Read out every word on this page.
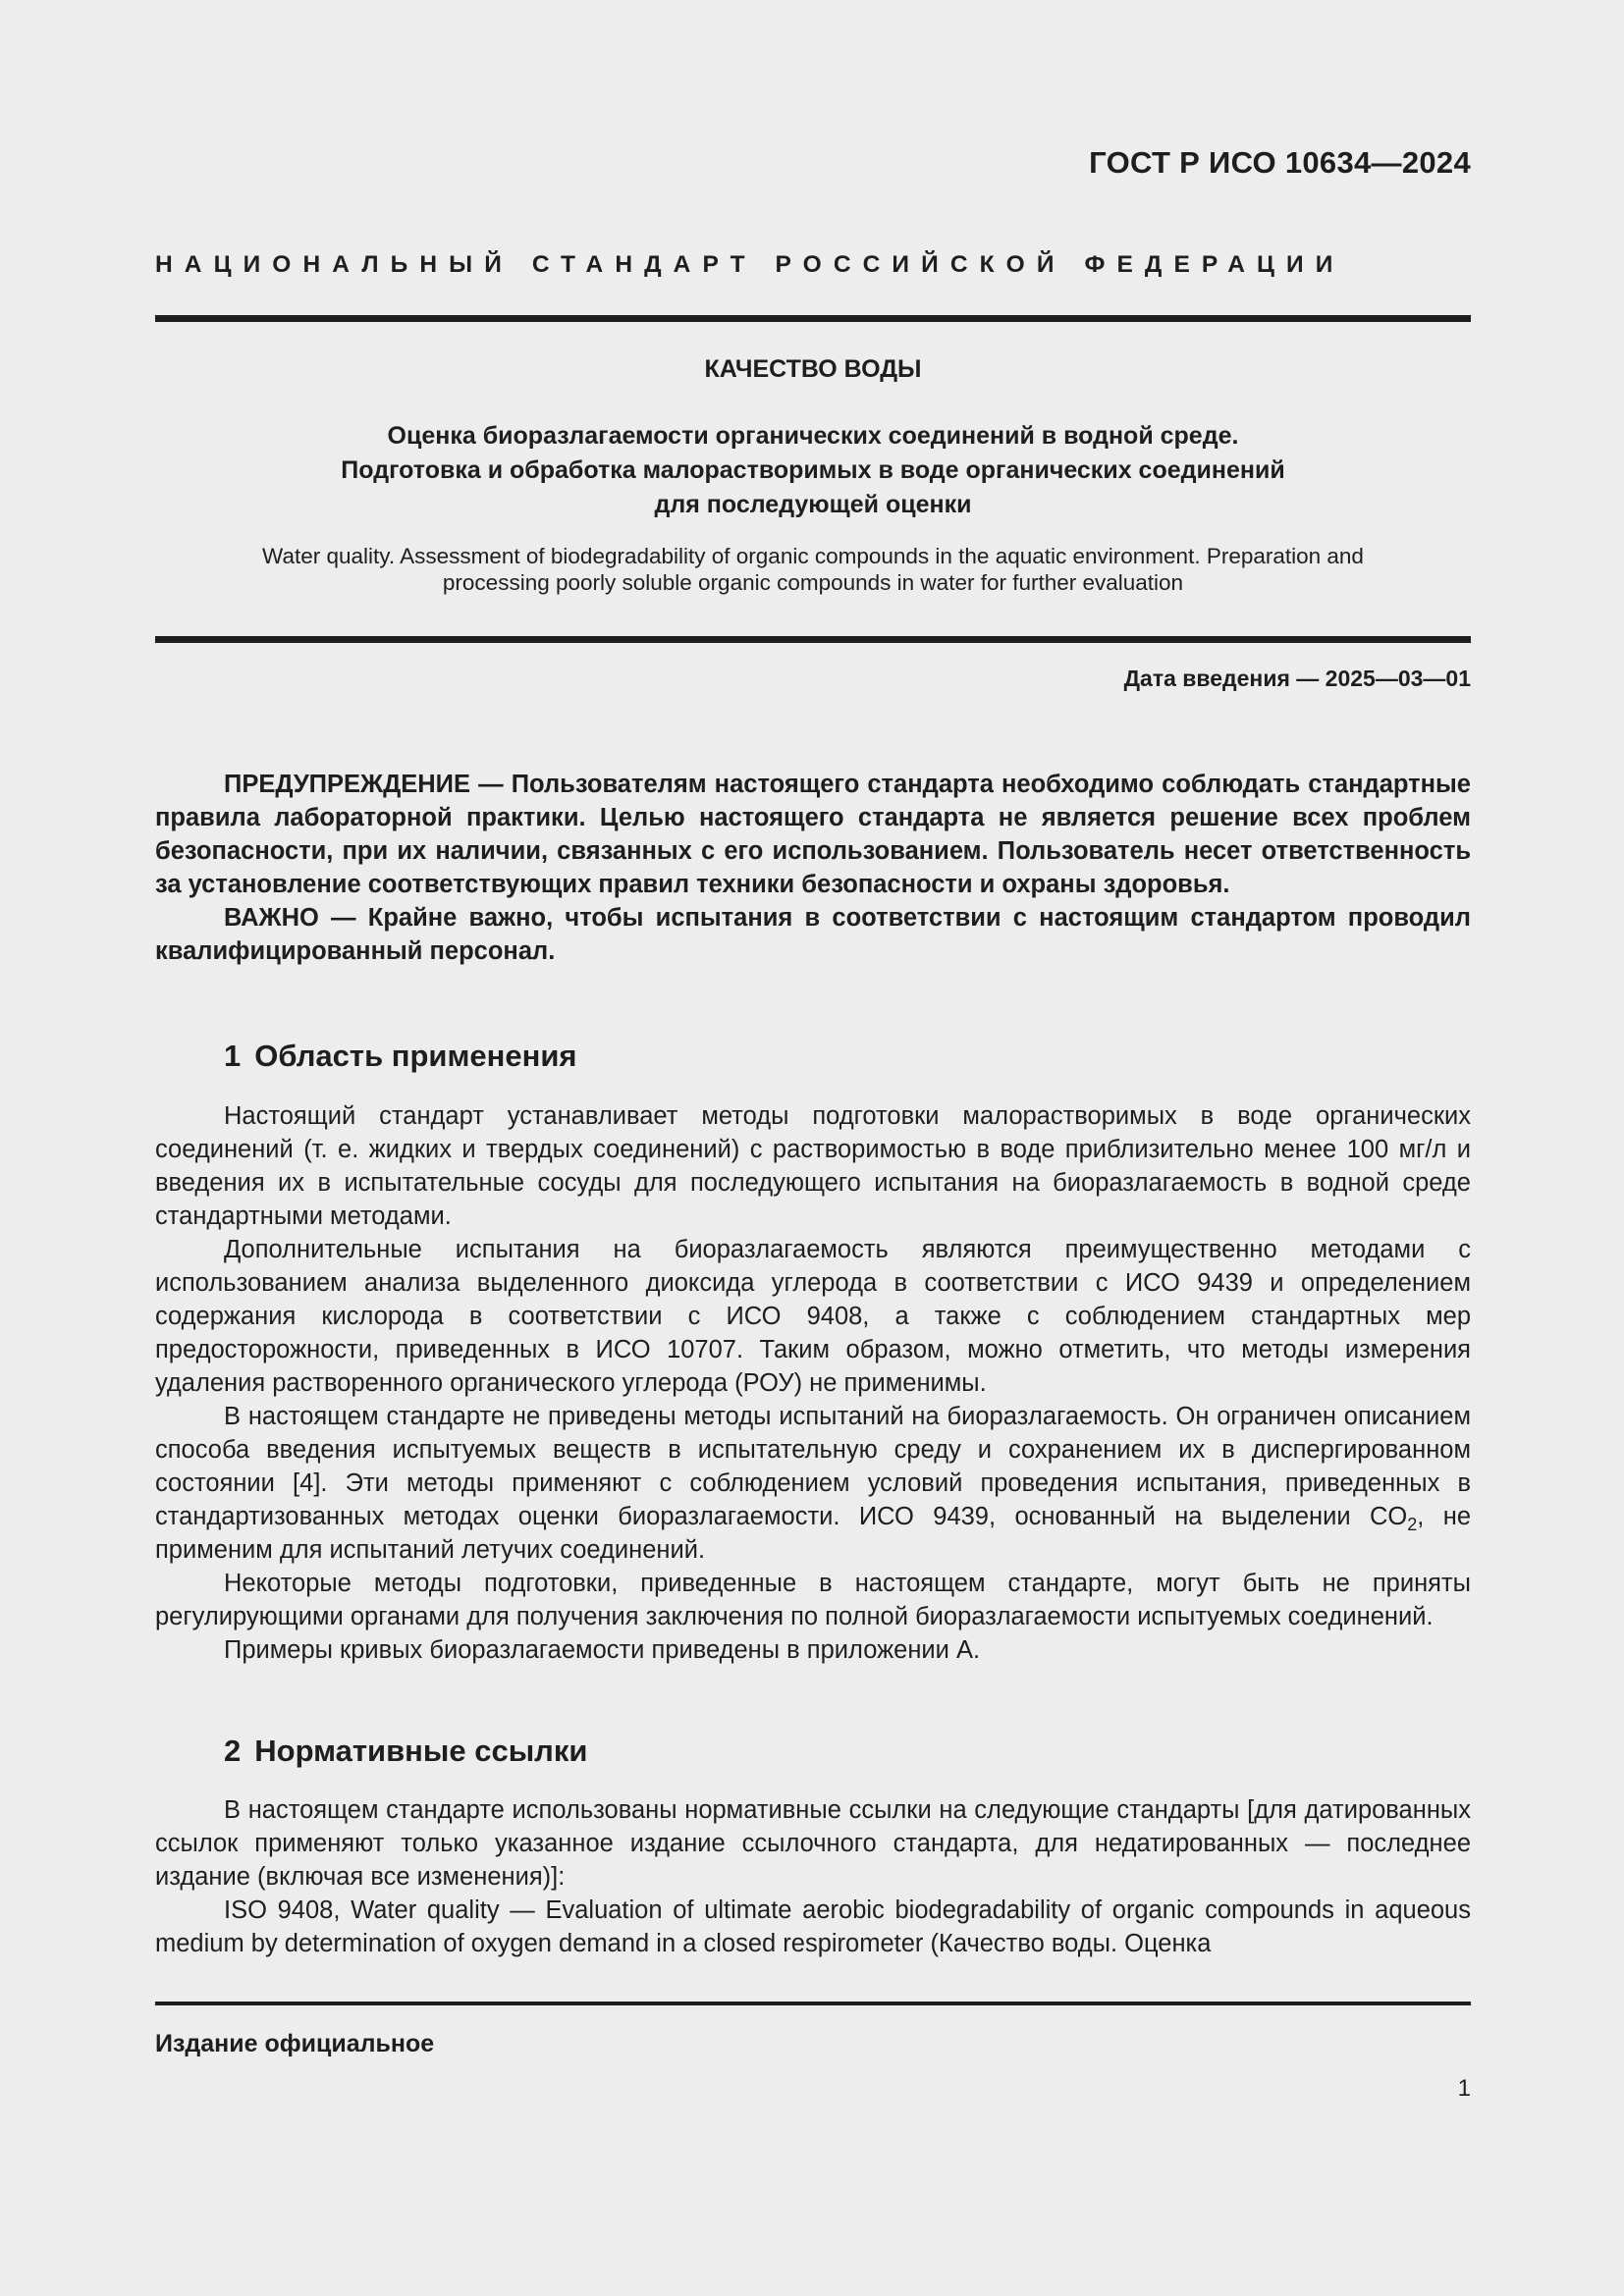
ГОСТ Р ИСО 10634—2024
НАЦИОНАЛЬНЫЙ СТАНДАРТ РОССИЙСКОЙ ФЕДЕРАЦИИ
КАЧЕСТВО ВОДЫ
Оценка биоразлагаемости органических соединений в водной среде.
Подготовка и обработка малорастворимых в воде органических соединений
для последующей оценки
Water quality. Assessment of biodegradability of organic compounds in the aquatic environment. Preparation and
processing poorly soluble organic compounds in water for further evaluation
Дата введения — 2025—03—01

ПРЕДУПРЕЖДЕНИЕ — Пользователям настоящего стандарта необходимо соблюдать стандартные правила лабораторной практики. Целью настоящего стандарта не является решение всех проблем безопасности, при их наличии, связанных с его использованием. Пользователь несет ответственность за установление соответствующих правил техники безопасности и охраны здоровья.

ВАЖНО — Крайне важно, чтобы испытания в соответствии с настоящим стандартом проводил квалифицированный персонал.

1 Область применения

Настоящий стандарт устанавливает методы подготовки малорастворимых в воде органических соединений (т. е. жидких и твердых соединений) с растворимостью в воде приблизительно менее 100 мг/л и введения их в испытательные сосуды для последующего испытания на биоразлагаемость в водной среде стандартными методами.

Дополнительные испытания на биоразлагаемость являются преимущественно методами с использованием анализа выделенного диоксида углерода в соответствии с ИСО 9439 и определением содержания кислорода в соответствии с ИСО 9408, а также с соблюдением стандартных мер предосторожности, приведенных в ИСО 10707. Таким образом, можно отметить, что методы измерения удаления растворенного органического углерода (РОУ) не применимы.

В настоящем стандарте не приведены методы испытаний на биоразлагаемость. Он ограничен описанием способа введения испытуемых веществ в испытательную среду и сохранением их в диспергированном состоянии [4]. Эти методы применяют с соблюдением условий проведения испытания, приведенных в стандартизованных методах оценки биоразлагаемости. ИСО 9439, основанный на выделении $CO_2$, не применим для испытаний летучих соединений.

Некоторые методы подготовки, приведенные в настоящем стандарте, могут быть не приняты регулирующими органами для получения заключения по полной биоразлагаемости испытуемых соединений.

Примеры кривых биоразлагаемости приведены в приложении А.

2 Нормативные ссылки

В настоящем стандарте использованы нормативные ссылки на следующие стандарты [для датированных ссылок применяют только указанное издание ссылочного стандарта, для недатированных — последнее издание (включая все изменения)]:

ISO 9408, Water quality — Evaluation of ultimate aerobic biodegradability of organic compounds in aqueous medium by determination of oxygen demand in a closed respirometer (Качество воды. Оценка

Издание официальное
1
